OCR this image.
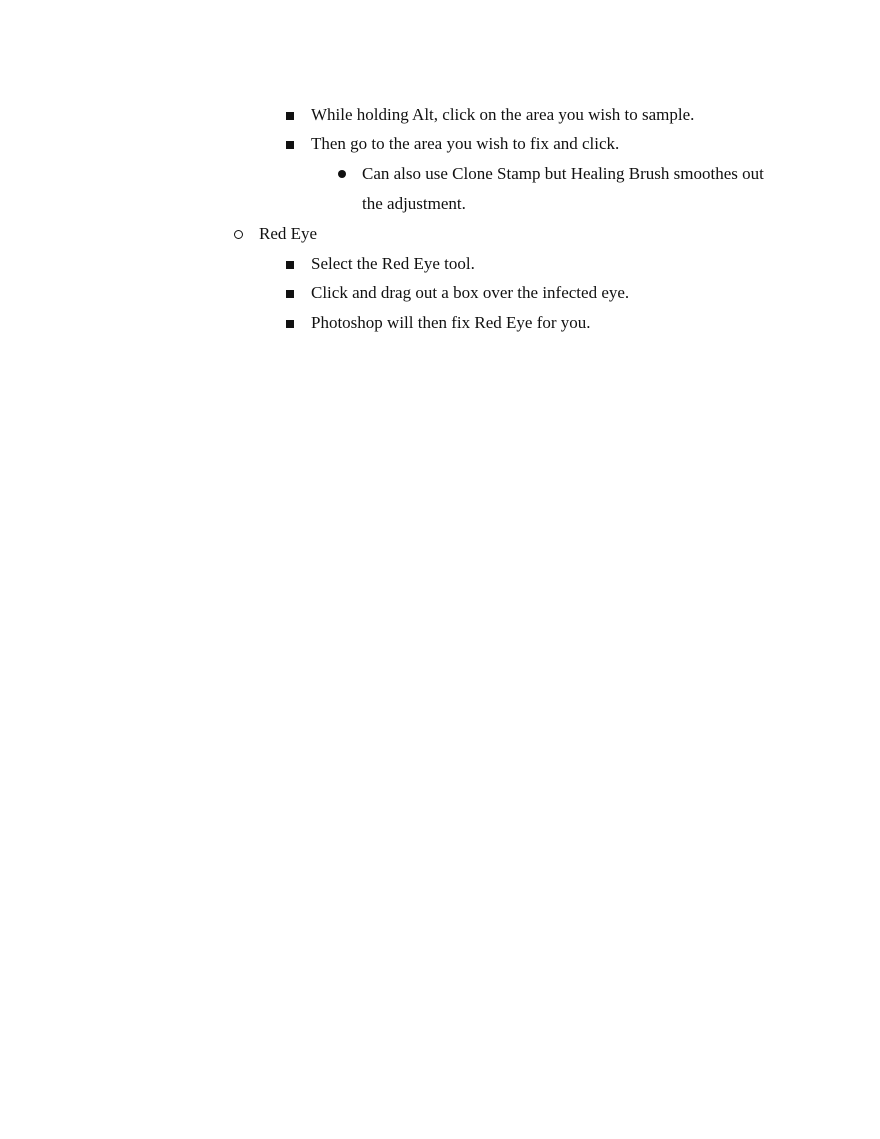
While holding Alt, click on the area you wish to sample.
Then go to the area you wish to fix and click.
Can also use Clone Stamp but Healing Brush smoothes out
the adjustment.
Red Eye
Select the Red Eye tool.
Click and drag out a box over the infected eye.
Photoshop will then fix Red Eye for you.
